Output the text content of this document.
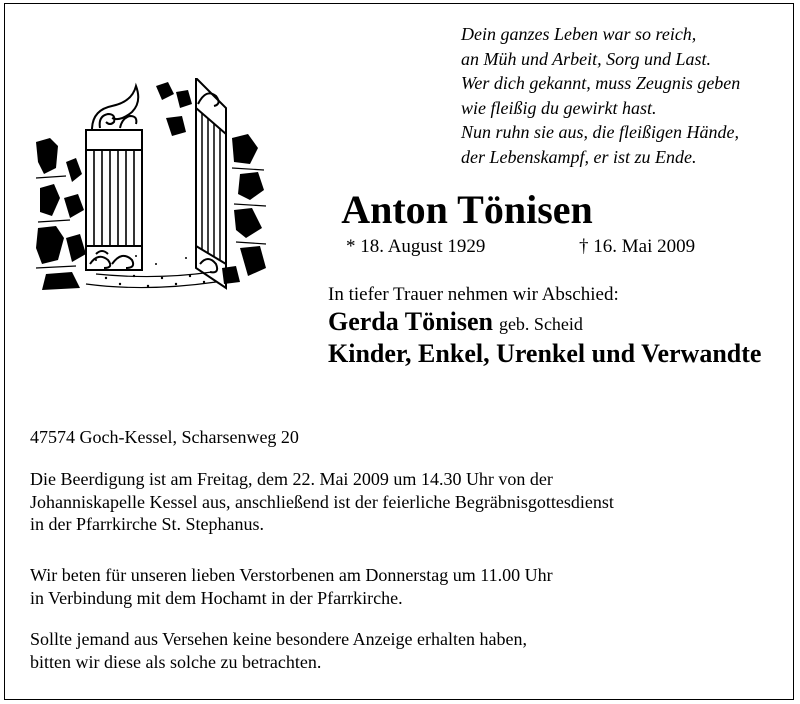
Dein ganzes Leben war so reich,
an Müh und Arbeit, Sorg und Last.
Wer dich gekannt, muss Zeugnis geben
wie fleißig du gewirkt hast.
Nun ruhn sie aus, die fleißigen Hände,
der Lebenskampf, er ist zu Ende.
Anton Tönisen
* 18. August 1929	† 16. Mai 2009
In tiefer Trauer nehmen wir Abschied:
Gerda Tönisen geb. Scheid
Kinder, Enkel, Urenkel und Verwandte
47574 Goch-Kessel, Scharsenweg 20
Die Beerdigung ist am Freitag, dem 22. Mai 2009 um 14.30 Uhr von der
Johanniskapelle Kessel aus, anschließend ist der feierliche Begräbnisgottesdienst
in der Pfarrkirche St. Stephanus.
Wir beten für unseren lieben Verstorbenen am Donnerstag um 11.00 Uhr
in Verbindung mit dem Hochamt in der Pfarrkirche.
Sollte jemand aus Versehen keine besondere Anzeige erhalten haben,
bitten wir diese als solche zu betrachten.
